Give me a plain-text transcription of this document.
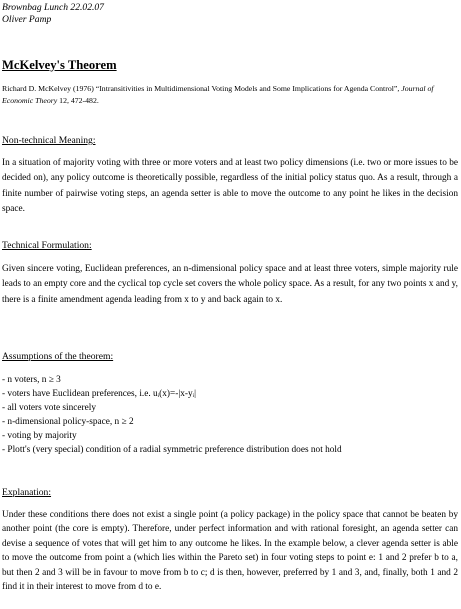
Brownbag Lunch 22.02.07
Oliver Pamp
McKelvey's Theorem
Richard D. McKelvey (1976) “Intransitivities in Multidimensional Voting Models and Some Implications for Agenda Control”, Journal of Economic Theory 12, 472-482.
Non-technical Meaning:
In a situation of majority voting with three or more voters and at least two policy dimensions (i.e. two or more issues to be decided on), any policy outcome is theoretically possible, regardless of the initial policy status quo. As a result, through a finite number of pairwise voting steps, an agenda setter is able to move the outcome to any point he likes in the decision space.
Technical Formulation:
Given sincere voting, Euclidean preferences, an n-dimensional policy space and at least three voters, simple majority rule leads to an empty core and the cyclical top cycle set covers the whole policy space. As a result, for any two points x and y, there is a finite amendment agenda leading from x to y and back again to x.
Assumptions of the theorem:
- n voters, n ≥ 3
- voters have Euclidean preferences, i.e. uᵢ(x)=-|x-yᵢ|
- all voters vote sincerely
- n-dimensional policy-space, n ≥ 2
- voting by majority
- Plott's (very special) condition of a radial symmetric preference distribution does not hold
Explanation:
Under these conditions there does not exist a single point (a policy package) in the policy space that cannot be beaten by another point (the core is empty). Therefore, under perfect information and with rational foresight, an agenda setter can devise a sequence of votes that will get him to any outcome he likes. In the example below, a clever agenda setter is able to move the outcome from point a (which lies within the Pareto set) in four voting steps to point e: 1 and 2 prefer b to a, but then 2 and 3 will be in favour to move from b to c; d is then, however, preferred by 1 and 3, and, finally, both 1 and 2 find it in their interest to move from d to e.
